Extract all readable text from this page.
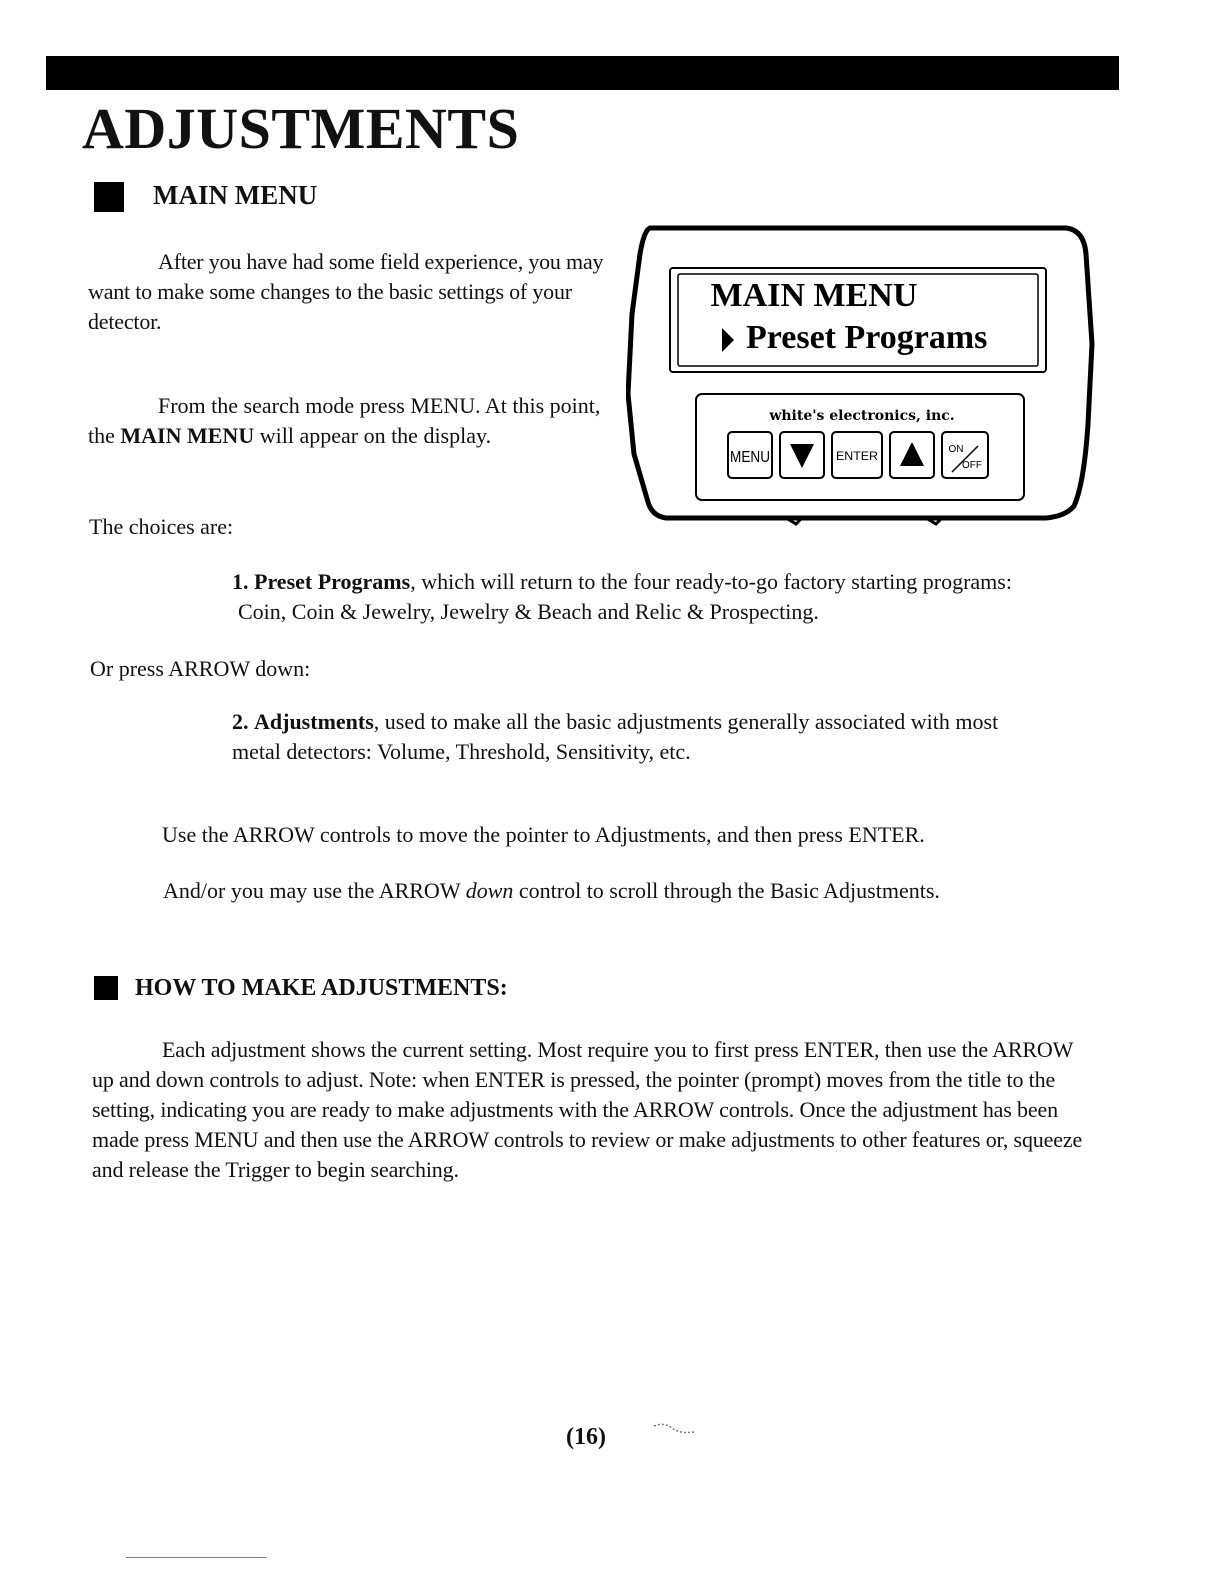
ADJUSTMENTS
MAIN MENU

After you have had some field experience, you may want to make some changes to the basic settings of your detector.

From the search mode press MENU. At this point, the MAIN MENU will appear on the display.

MAIN MENU
Preset Programs
white's electronics, inc.
MENU	ENTER	ON
OFF

The choices are:

1. Preset Programs, which will return to the four ready-to-go factory starting programs:

Coin, Coin & Jewelry, Jewelry & Beach and Relic & Prospecting.

Or press ARROW down:

2. Adjustments, used to make all the basic adjustments generally associated with most

metal detectors: Volume, Threshold, Sensitivity, etc.

Use the ARROW controls to move the pointer to Adjustments, and then press ENTER.

And/or you may use the ARROW down control to scroll through the Basic Adjustments.

HOW TO MAKE ADJUSTMENTS:

Each adjustment shows the current setting. Most require you to first press ENTER, then use the ARROW up and down controls to adjust. Note: when ENTER is pressed, the pointer (prompt) moves from the title to the setting, indicating you are ready to make adjustments with the ARROW controls. Once the adjustment has been made press MENU and then use the ARROW controls to review or make adjustments to other features or, squeeze and release the Trigger to begin searching.

(16)
